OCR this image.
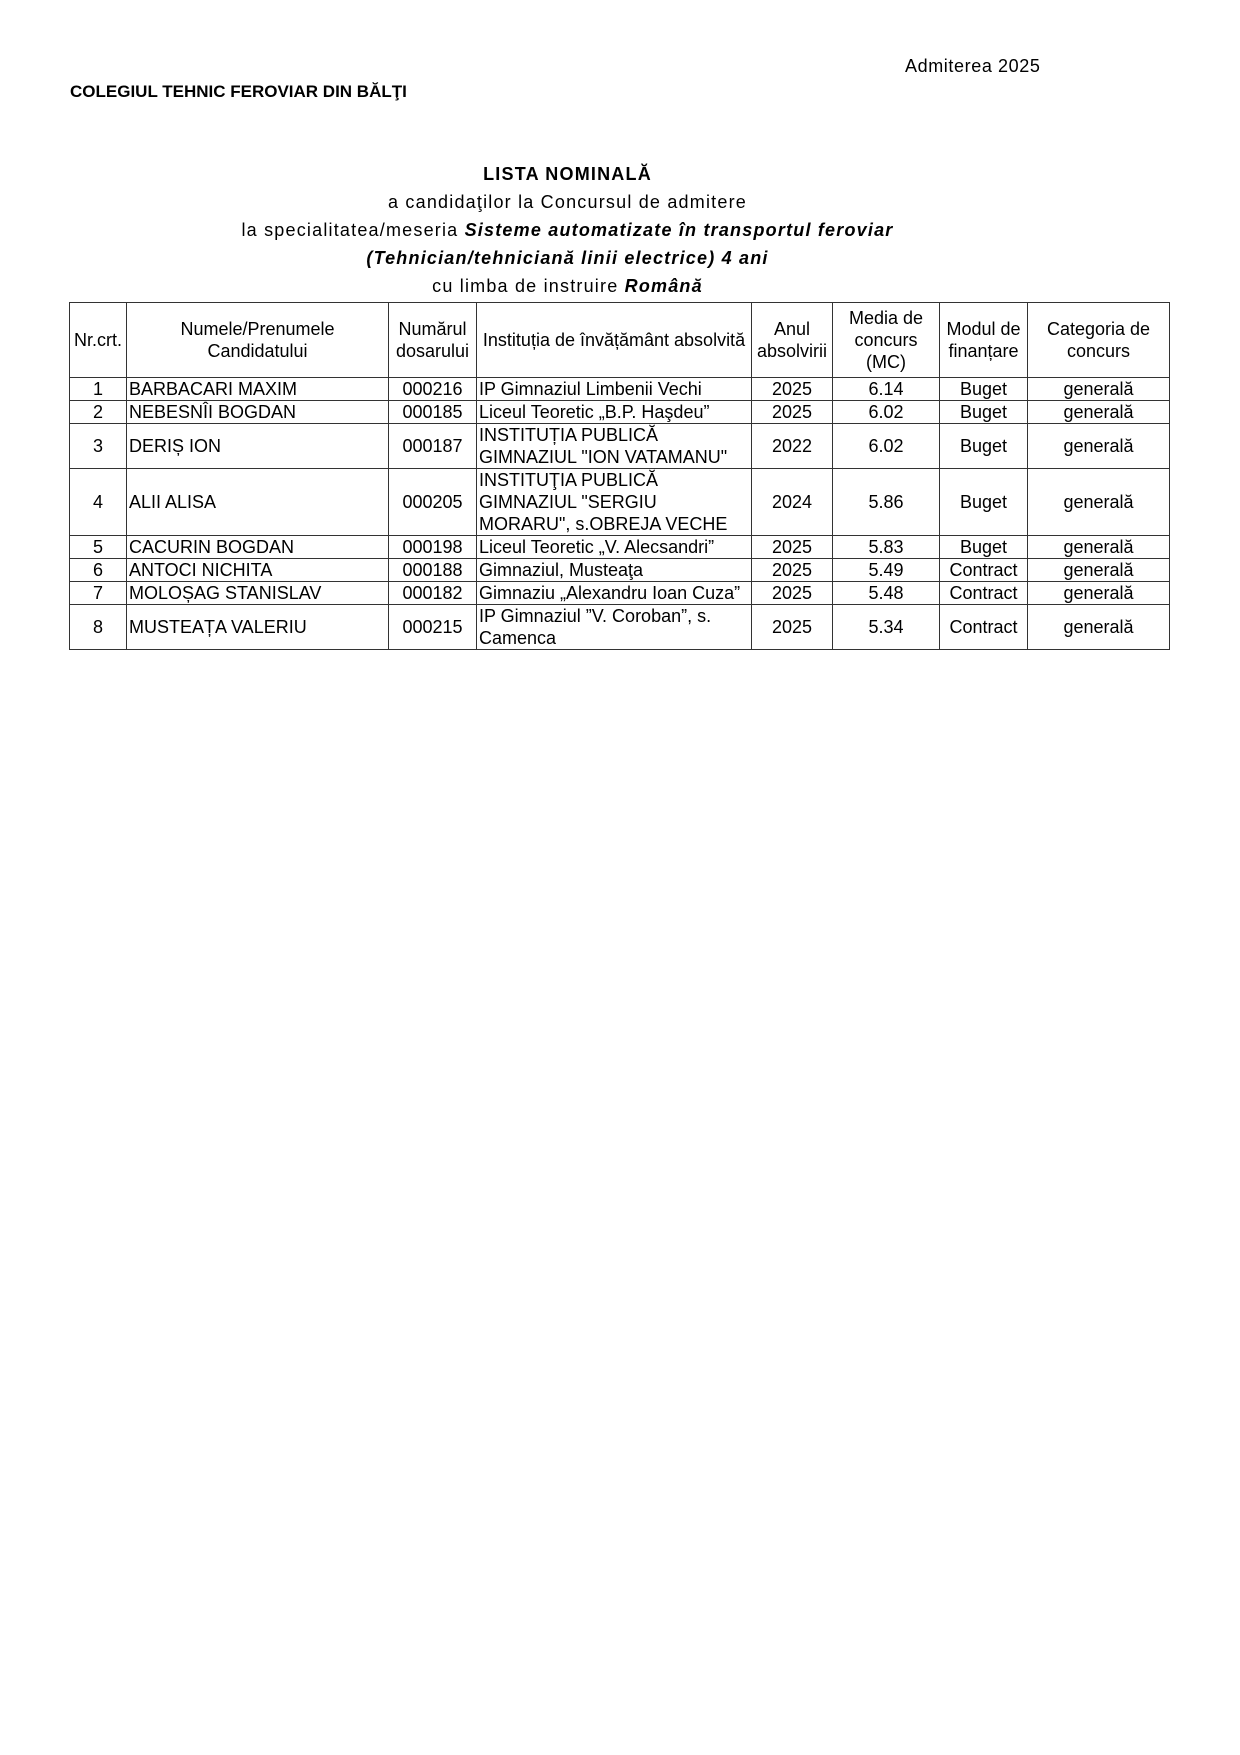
Admiterea 2025
COLEGIUL TEHNIC FEROVIAR DIN BĂLŢI
LISTA NOMINALĂ
a candidaţilor la Concursul de admitere
la specialitatea/meseria Sisteme automatizate în transportul feroviar
(Tehnician/tehniciană linii electrice) 4 ani
cu limba de instruire Română
Nr.crt.	Numele/Prenumele Candidatului	Numărul dosarului	Instituția de învățământ absolvită	Anul absolvirii	Media de concurs (MC)	Modul de finanțare	Categoria de concurs
1	BARBACARI MAXIM	000216	IP Gimnaziul Limbenii Vechi	2025	6.14	Buget	generală
2	NEBESNÎI BOGDAN	000185	Liceul Teoretic „B.P. Haşdeu”	2025	6.02	Buget	generală
3	DERIȘ ION	000187	INSTITUȚIA PUBLICĂ GIMNAZIUL "ION VATAMANU"	2022	6.02	Buget	generală
4	ALII ALISA	000205	INSTITUŢIA PUBLICĂ GIMNAZIUL "SERGIU MORARU", s.OBREJA VECHE	2024	5.86	Buget	generală
5	CACURIN BOGDAN	000198	Liceul Teoretic „V. Alecsandri”	2025	5.83	Buget	generală
6	ANTOCI NICHITA	000188	Gimnaziul, Musteaţa	2025	5.49	Contract	generală
7	MOLOȘAG STANISLAV	000182	Gimnaziu „Alexandru Ioan Cuza”	2025	5.48	Contract	generală
8	MUSTEAȚA VALERIU	000215	IP Gimnaziul ”V. Coroban”, s. Camenca	2025	5.34	Contract	generală
